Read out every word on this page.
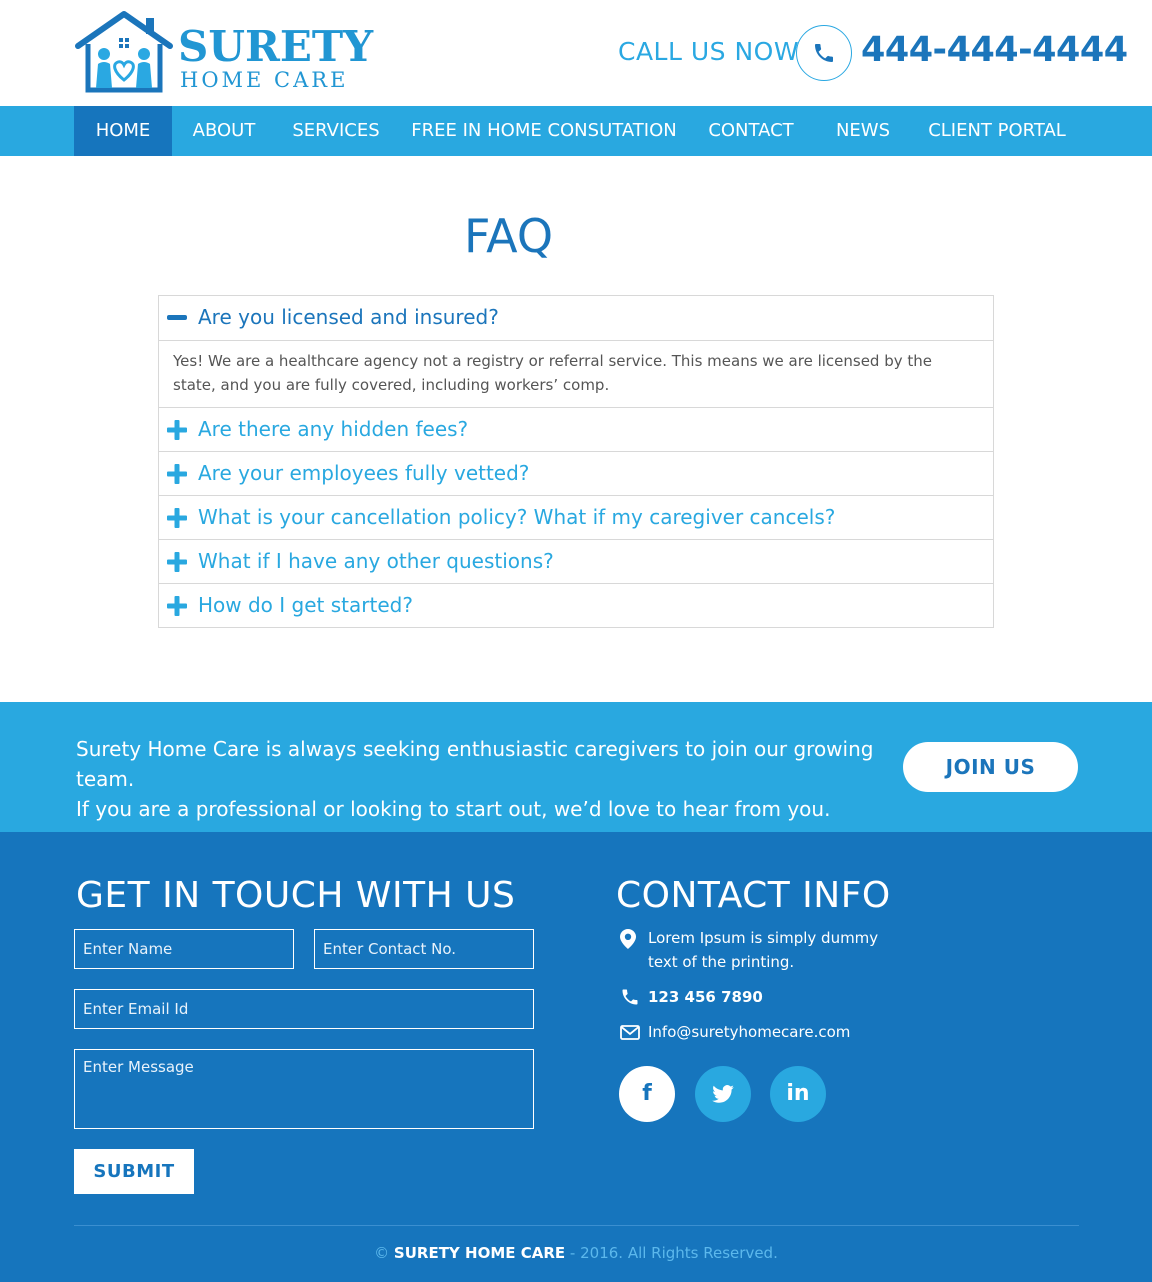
SURETY
HOME CARE
CALL US NOW 444-444-4444
HOME	ABOUT	SERVICES	FREE IN HOME CONSUTATION	CONTACT	NEWS	CLIENT PORTAL
FAQ
Are you licensed and insured?
Yes! We are a healthcare agency not a registry or referral service. This means we are licensed by the state, and you are fully covered, including workers’ comp.
Are there any hidden fees?
Are your employees fully vetted?
What is your cancellation policy? What if my caregiver cancels?
What if I have any other questions?
How do I get started?
Surety Home Care is always seeking enthusiastic caregivers to join our growing team.
If you are a professional or looking to start out, we’d love to hear from you.
JOIN US
GET IN TOUCH WITH US
Enter Name
Enter Contact No.
Enter Email Id
Enter Message
SUBMIT
CONTACT INFO
Lorem Ipsum is simply dummy
text of the printing.
123 456 7890
Info@suretyhomecare.com
f	in
© SURETY HOME CARE - 2016. All Rights Reserved.
